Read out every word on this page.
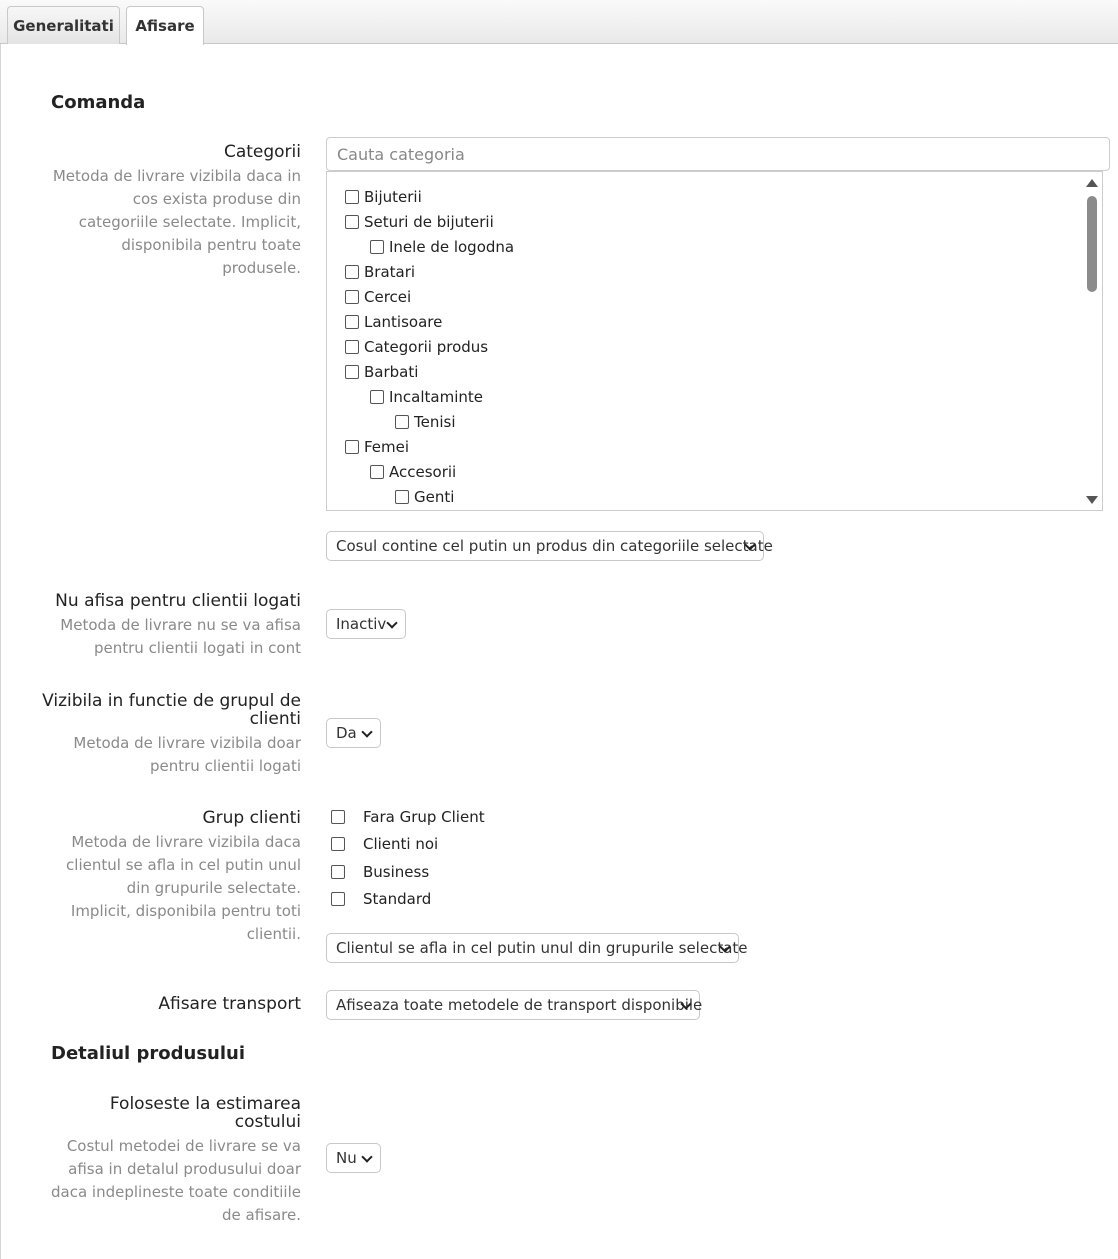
Generalitati Afisare
Comanda
Categorii
Metoda de livrare vizibila daca in cos exista produse din categoriile selectate. Implicit, disponibila pentru toate produsele.
Cauta categoria
Bijuterii
Seturi de bijuterii
Inele de logodna
Bratari
Cercei
Lantisoare
Categorii produs
Barbati
Incaltaminte
Tenisi
Femei
Accesorii
Genti
Cosul contine cel putin un produs din categoriile selectate
Nu afisa pentru clientii logati
Metoda de livrare nu se va afisa pentru clientii logati in cont
Inactiv
Vizibila in functie de grupul de clienti
Metoda de livrare vizibila doar pentru clientii logati
Da
Grup clienti
Metoda de livrare vizibila daca clientul se afla in cel putin unul din grupurile selectate. Implicit, disponibila pentru toti clientii.
Fara Grup Client
Clienti noi
Business
Standard
Clientul se afla in cel putin unul din grupurile selectate
Afisare transport Afiseaza toate metodele de transport disponibile
Detaliul produsului
Foloseste la estimarea costului
Costul metodei de livrare se va afisa in detalul produsului doar daca indeplineste toate conditiile de afisare.
Nu
